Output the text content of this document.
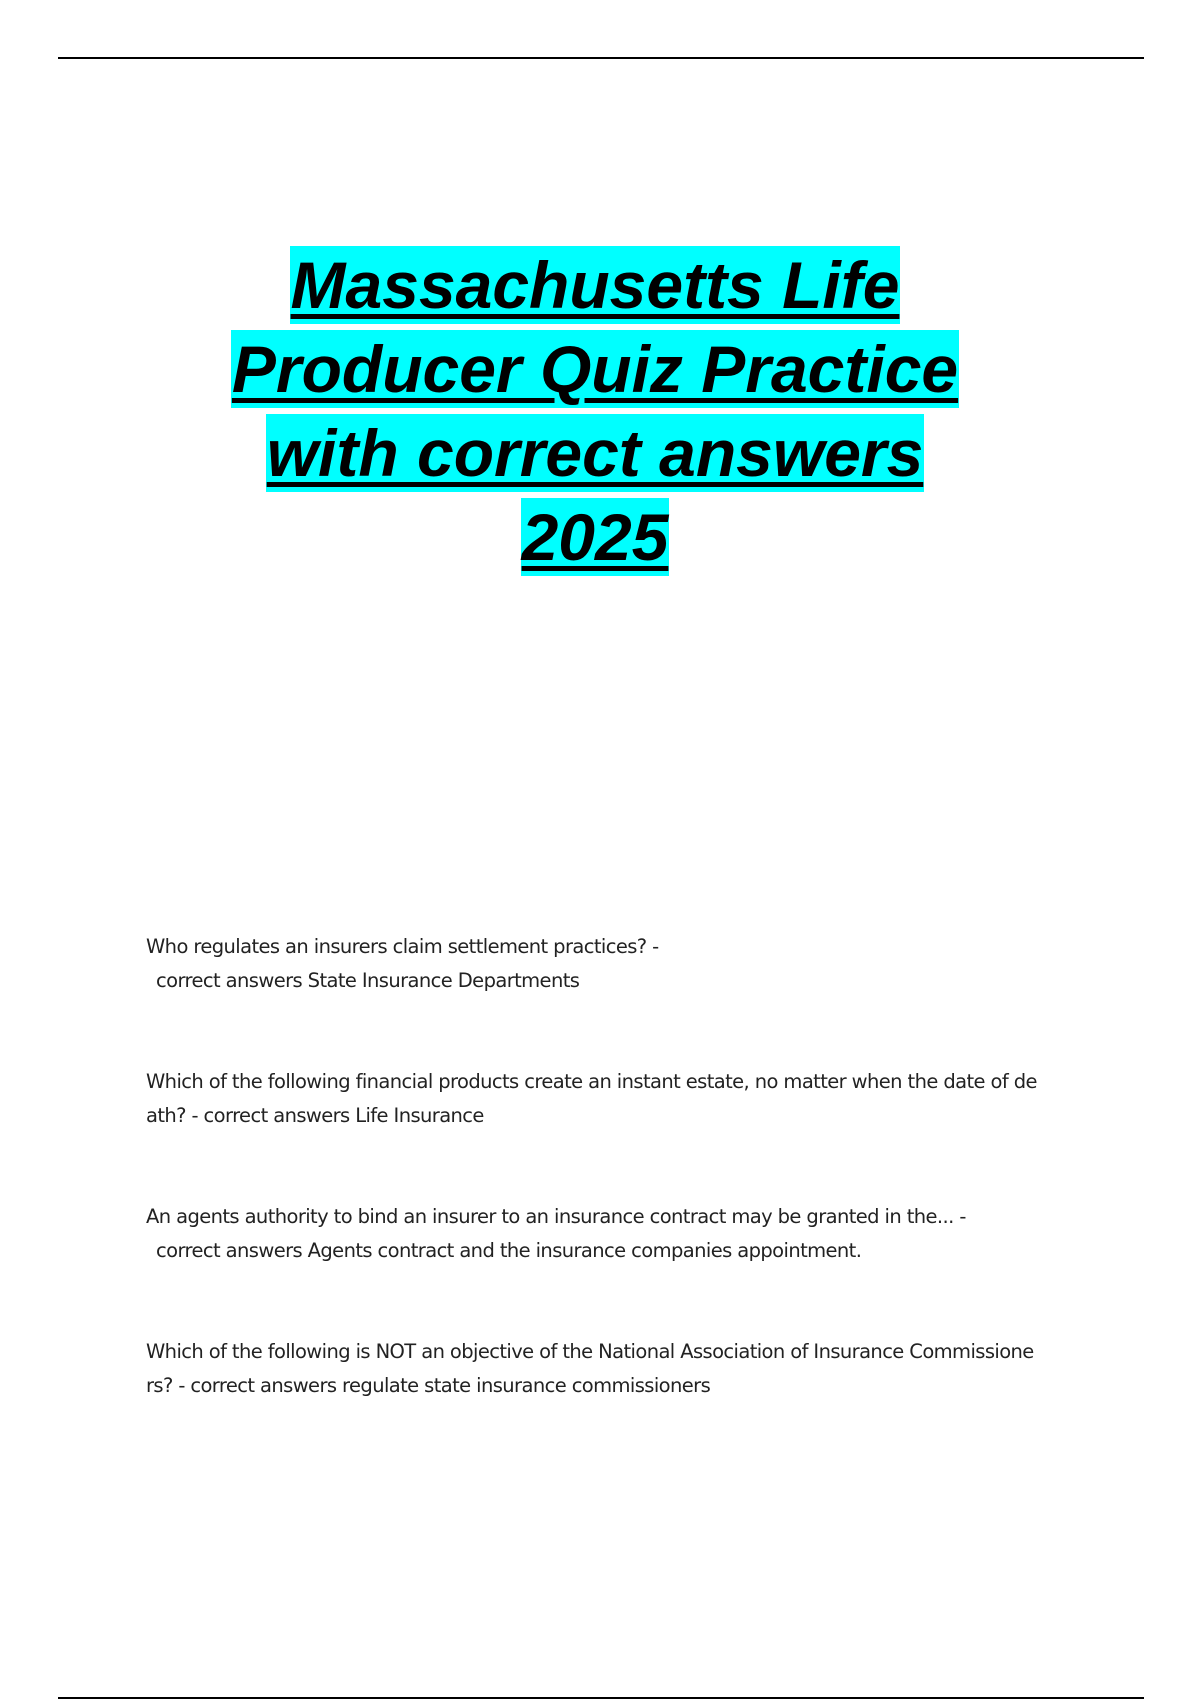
Massachusetts Life
Producer Quiz Practice
with correct answers
2025
Who regulates an insurers claim settlement practices? -
correct answers State Insurance Departments
Which of the following financial products create an instant estate, no matter when the date of de
ath? - correct answers Life Insurance
An agents authority to bind an insurer to an insurance contract may be granted in the... -
correct answers Agents contract and the insurance companies appointment.
Which of the following is NOT an objective of the National Association of Insurance Commissione
rs? - correct answers regulate state insurance commissioners
